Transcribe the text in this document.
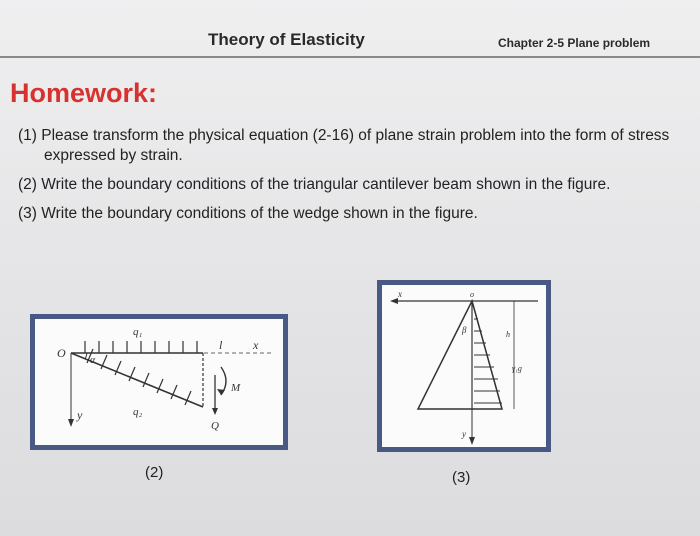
Theory of Elasticity	Chapter 2-5 Plane problem
Homework:
(1) Please transform the physical equation (2-16) of plane strain problem into the form of stress expressed by strain.
(2) Write the boundary conditions of the triangular cantilever beam shown in the figure.
(3) Write the boundary conditions of the wedge shown in the figure.
O
q₁
q₂
α
l	x
y
M
Q
x	o
β	h
γ₁g
y
(2)	(3)
